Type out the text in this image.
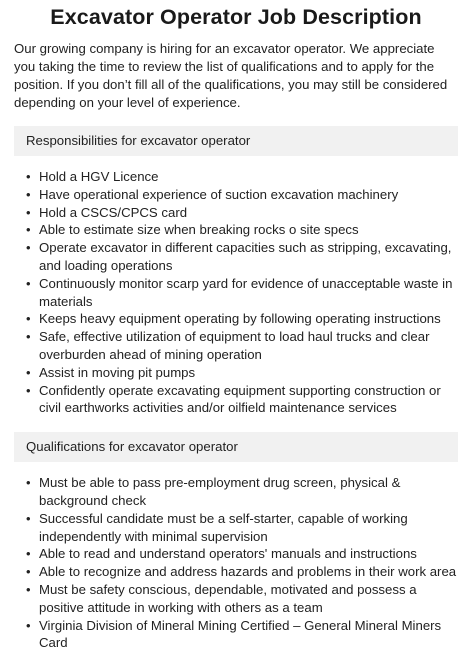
Excavator Operator Job Description

Our growing company is hiring for an excavator operator. We appreciate you taking the time to review the list of qualifications and to apply for the position. If you don’t fill all of the qualifications, you may still be considered depending on your level of experience.

Responsibilities for excavator operator
• Hold a HGV Licence
• Have operational experience of suction excavation machinery
• Hold a CSCS/CPCS card
• Able to estimate size when breaking rocks o site specs
• Operate excavator in different capacities such as stripping, excavating, and loading operations
• Continuously monitor scarp yard for evidence of unacceptable waste in materials
• Keeps heavy equipment operating by following operating instructions
• Safe, effective utilization of equipment to load haul trucks and clear overburden ahead of mining operation
• Assist in moving pit pumps
• Confidently operate excavating equipment supporting construction or civil earthworks activities and/or oilfield maintenance services
Qualifications for excavator operator
• Must be able to pass pre-employment drug screen, physical & background check
• Successful candidate must be a self-starter, capable of working independently with minimal supervision
• Able to read and understand operators' manuals and instructions
• Able to recognize and address hazards and problems in their work area
• Must be safety conscious, dependable, motivated and possess a positive attitude in working with others as a team
• Virginia Division of Mineral Mining Certified – General Mineral Miners Card
